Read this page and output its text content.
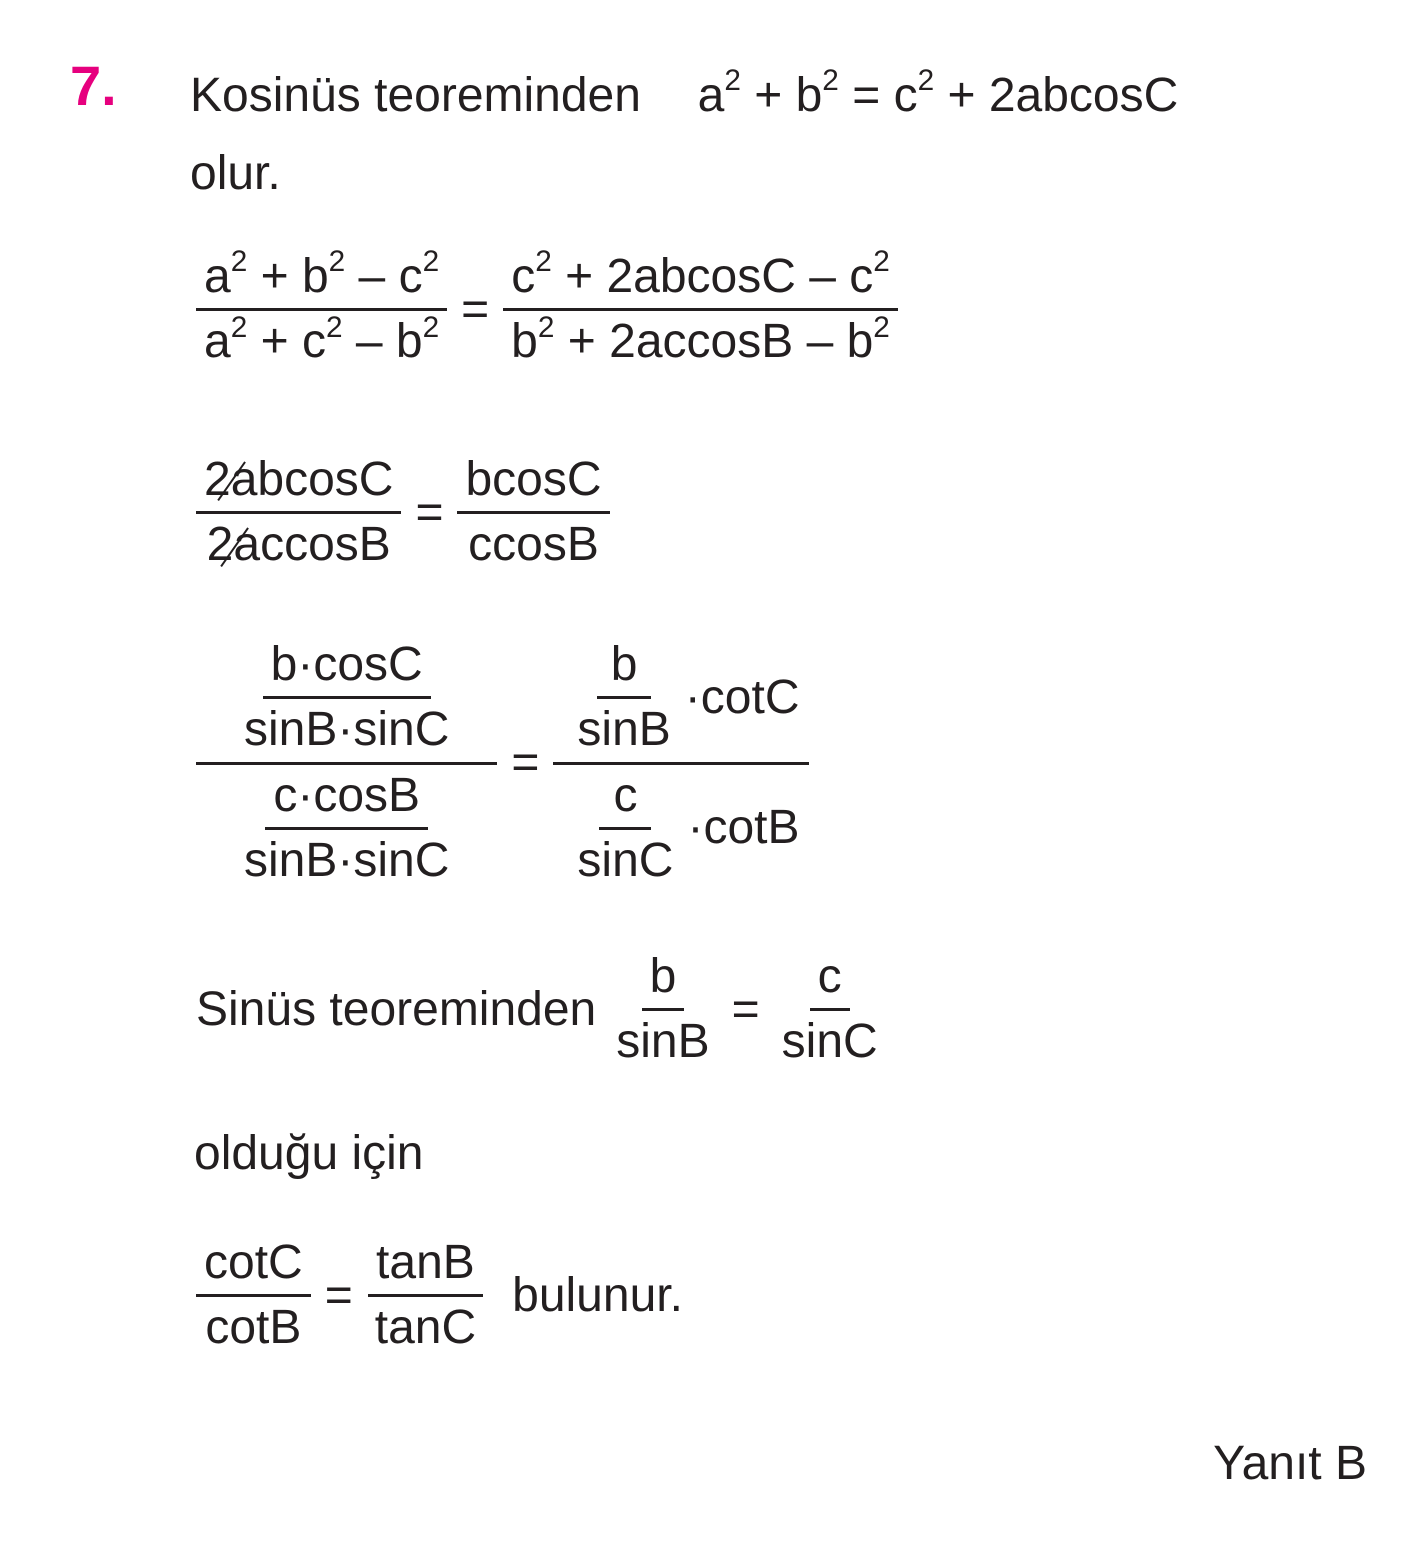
7. Kosinüs teoreminden $a^2 + b^2 = c^2 + 2abcosC$
olur.
$\frac{a^2 + b^2 - c^2}{a^2 + c^2 - b^2} = \frac{c^2 + 2abcosC - c^2}{b^2 + 2accosB - b^2}$
$\frac{2abcosC}{2accosB} = \frac{bcosC}{ccosB}$
$\frac{\frac{b\cdot\cos C}{\sin B\cdot\sin C}}{\frac{c\cdot\cos B}{\sin B\cdot\sin C}} = \frac{\frac{b}{\sin B} \cdot\cot C}{\frac{c}{\sin C} \cdot\cot B}$
Sinüs teoreminden $\frac{b}{\sin B} = \frac{c}{\sin C}$
olduğu için
$\frac{\cot C}{\cot B} = \frac{\tan B}{\tan C}$ bulunur.
Yanıt B
